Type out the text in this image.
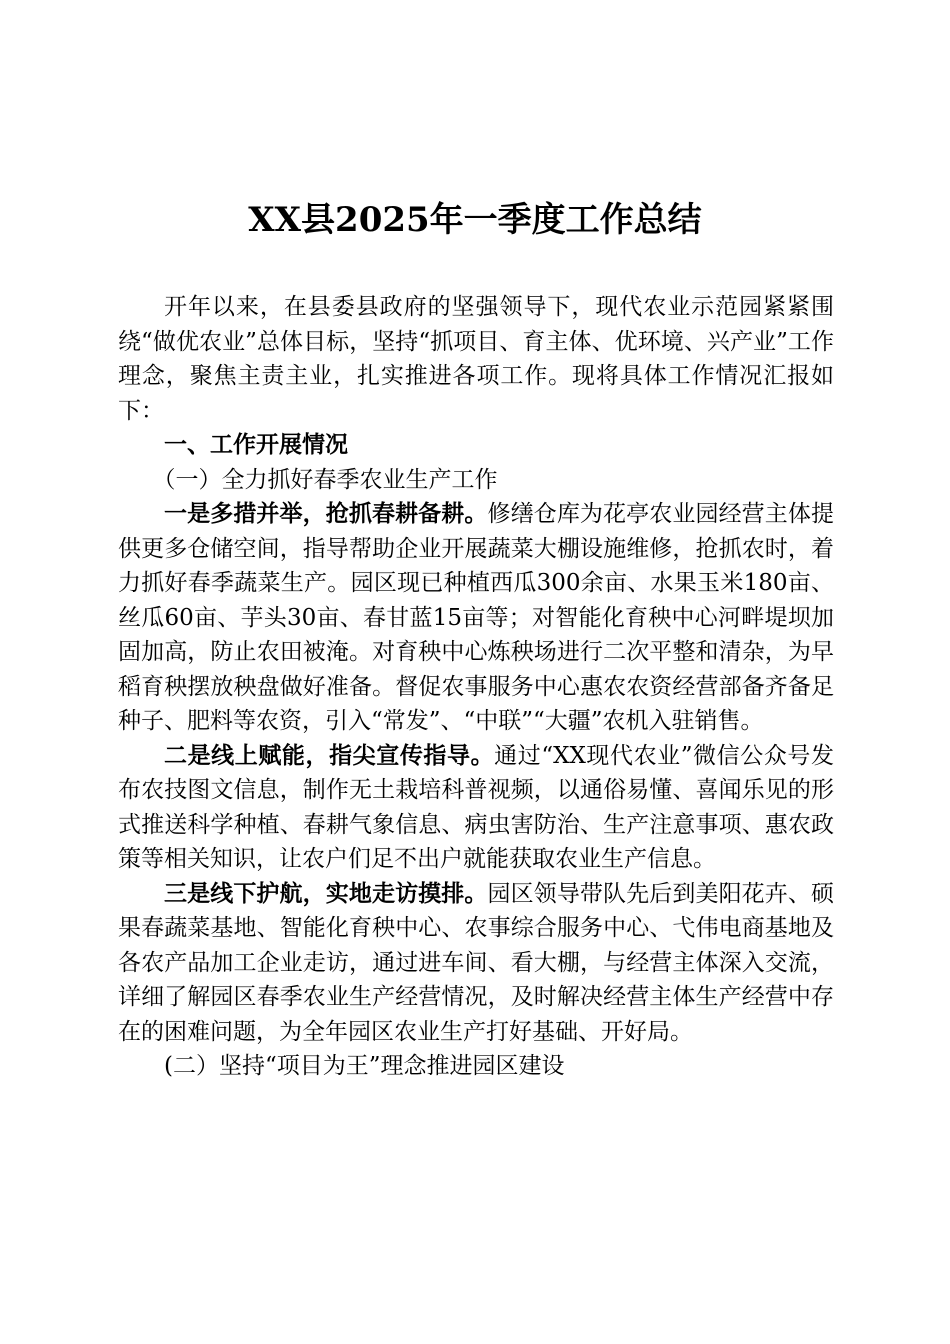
XX县2025年一季度工作总结

开年以来，在县委县政府的坚强领导下，现代农业示范园紧紧围绕“做优农业”总体目标，坚持“抓项目、育主体、优环境、兴产业”工作理念，聚焦主责主业，扎实推进各项工作。现将具体工作情况汇报如下：

一、工作开展情况

（一）全力抓好春季农业生产工作

一是多措并举，抢抓春耕备耕。修缮仓库为花亭农业园经营主体提供更多仓储空间，指导帮助企业开展蔬菜大棚设施维修，抢抓农时，着力抓好春季蔬菜生产。园区现已种植西瓜300余亩、水果玉米180亩、丝瓜60亩、芋头30亩、春甘蓝15亩等；对智能化育秧中心河畔堤坝加固加高，防止农田被淹。对育秧中心炼秧场进行二次平整和清杂，为早稻育秧摆放秧盘做好准备。督促农事服务中心惠农农资经营部备齐备足种子、肥料等农资，引入“常发”、“中联”“大疆”农机入驻销售。

二是线上赋能，指尖宣传指导。通过“XX现代农业”微信公众号发布农技图文信息，制作无土栽培科普视频，以通俗易懂、喜闻乐见的形式推送科学种植、春耕气象信息、病虫害防治、生产注意事项、惠农政策等相关知识，让农户们足不出户就能获取农业生产信息。

三是线下护航，实地走访摸排。园区领导带队先后到美阳花卉、硕果春蔬菜基地、智能化育秧中心、农事综合服务中心、弋伟电商基地及各农产品加工企业走访，通过进车间、看大棚，与经营主体深入交流，详细了解园区春季农业生产经营情况，及时解决经营主体生产经营中存在的困难问题，为全年园区农业生产打好基础、开好局。

(二）坚持“项目为王”理念推进园区建设
